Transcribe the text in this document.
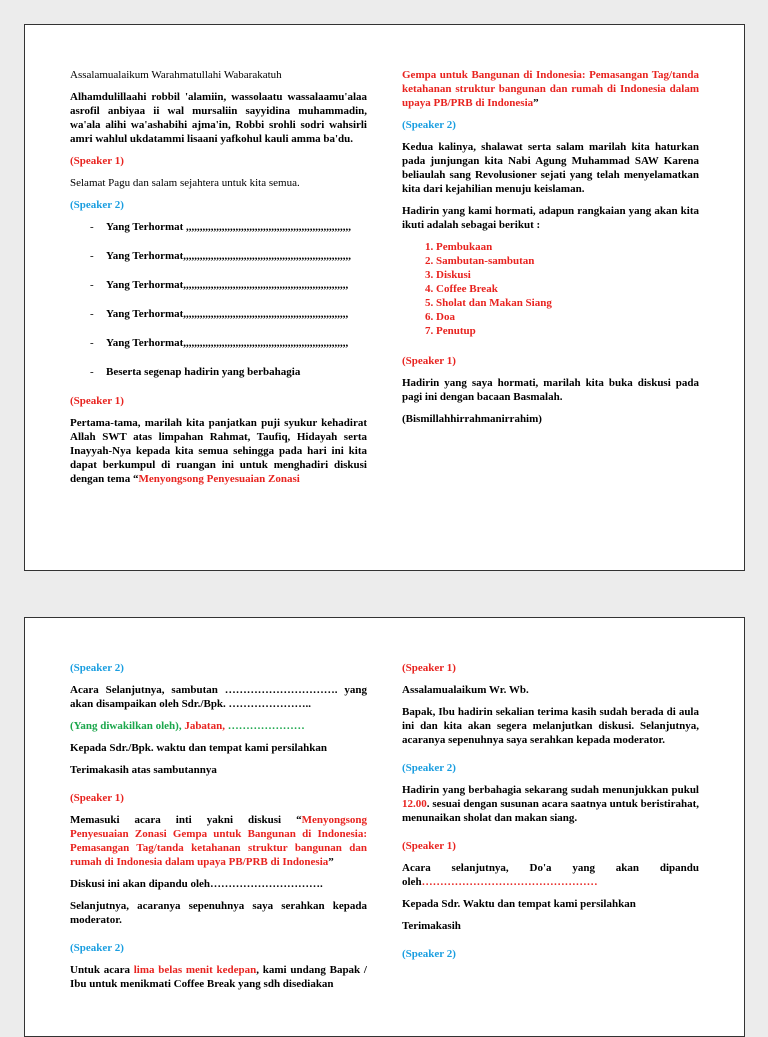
Assalamualaikum Warahmatullahi Wabarakatuh

Alhamdulillaahi robbil 'alamiin, wassolaatu wassalaamu'alaa asrofil anbiyaa ii wal mursaliin sayyidina muhammadin, wa'ala alihi wa'ashabihi ajma'in, Robbi srohli sodri wahsirli amri wahlul ukdatammi lisaani yafkohul kauli amma ba'du.

(Speaker 1)

Selamat Pagu dan salam sejahtera untuk kita semua.

(Speaker 2)

- Yang Terhormat ,,,,,,,,,,,,,,,,,,,,,,,,,,,,,,,,,,,,,,,,,,,,,,,,,,,,,,,,,,,,
- Yang Terhormat,,,,,,,,,,,,,,,,,,,,,,,,,,,,,,,,,,,,,,,,,,,,,,,,,,,,,,,,,,,,,
- Yang Terhormat,,,,,,,,,,,,,,,,,,,,,,,,,,,,,,,,,,,,,,,,,,,,,,,,,,,,,,,,,,,,
- Yang Terhormat,,,,,,,,,,,,,,,,,,,,,,,,,,,,,,,,,,,,,,,,,,,,,,,,,,,,,,,,,,,,
- Yang Terhormat,,,,,,,,,,,,,,,,,,,,,,,,,,,,,,,,,,,,,,,,,,,,,,,,,,,,,,,,,,,,
- Beserta segenap hadirin yang berbahagia

(Speaker 1)

Pertama-tama, marilah kita panjatkan puji syukur kehadirat Allah SWT atas limpahan Rahmat, Taufiq, Hidayah serta Inayyah-Nya kepada kita semua sehingga pada hari ini kita dapat berkumpul di ruangan ini untuk menghadiri diskusi dengan tema “Menyongsong Penyesuaian Zonasi

Gempa untuk Bangunan di Indonesia: Pemasangan Tag/tanda ketahanan struktur bangunan dan rumah di Indonesia dalam upaya PB/PRB di Indonesia”

(Speaker 2)

Kedua kalinya, shalawat serta salam marilah kita haturkan pada junjungan kita Nabi Agung Muhammad SAW Karena beliaulah sang Revolusioner sejati yang telah menyelamatkan kita dari kejahilian menuju keislaman.

Hadirin yang kami hormati, adapun rangkaian yang akan kita ikuti adalah sebagai berikut :

1. Pembukaan
2. Sambutan-sambutan
3. Diskusi
4. Coffee Break
5. Sholat dan Makan Siang
6. Doa
7. Penutup

(Speaker 1)

Hadirin yang saya hormati, marilah kita buka diskusi pada pagi ini dengan bacaan Basmalah.

(Bismillahhirrahmanirrahim)

(Speaker 2)

Acara Selanjutnya, sambutan …………………………. yang akan disampaikan oleh Sdr./Bpk. …………………..

(Yang diwakilkan oleh), Jabatan, …………………

Kepada Sdr./Bpk. waktu dan tempat kami persilahkan

Terimakasih atas sambutannya

(Speaker 1)

Memasuki acara inti yakni diskusi “Menyongsong Penyesuaian Zonasi Gempa untuk Bangunan di Indonesia: Pemasangan Tag/tanda ketahanan struktur bangunan dan rumah di Indonesia dalam upaya PB/PRB di Indonesia”

Diskusi ini akan dipandu oleh………………………….

Selanjutnya, acaranya sepenuhnya saya serahkan kepada moderator.

(Speaker 2)

Untuk acara lima belas menit kedepan, kami undang Bapak / Ibu untuk menikmati Coffee Break yang sdh disediakan

(Speaker 1)

Assalamualaikum Wr. Wb.

Bapak, Ibu hadirin sekalian terima kasih sudah berada di aula ini dan kita akan segera melanjutkan diskusi. Selanjutnya, acaranya sepenuhnya saya serahkan kepada moderator.

(Speaker 2)

Hadirin yang berbahagia sekarang sudah menunjukkan pukul 12.00. sesuai dengan susunan acara saatnya untuk beristirahat, menunaikan sholat dan makan siang.

(Speaker 1)

Acara selanjutnya, Do'a yang akan dipandu oleh…………………………………………

Kepada Sdr. Waktu dan tempat kami persilahkan

Terimakasih

(Speaker 2)
